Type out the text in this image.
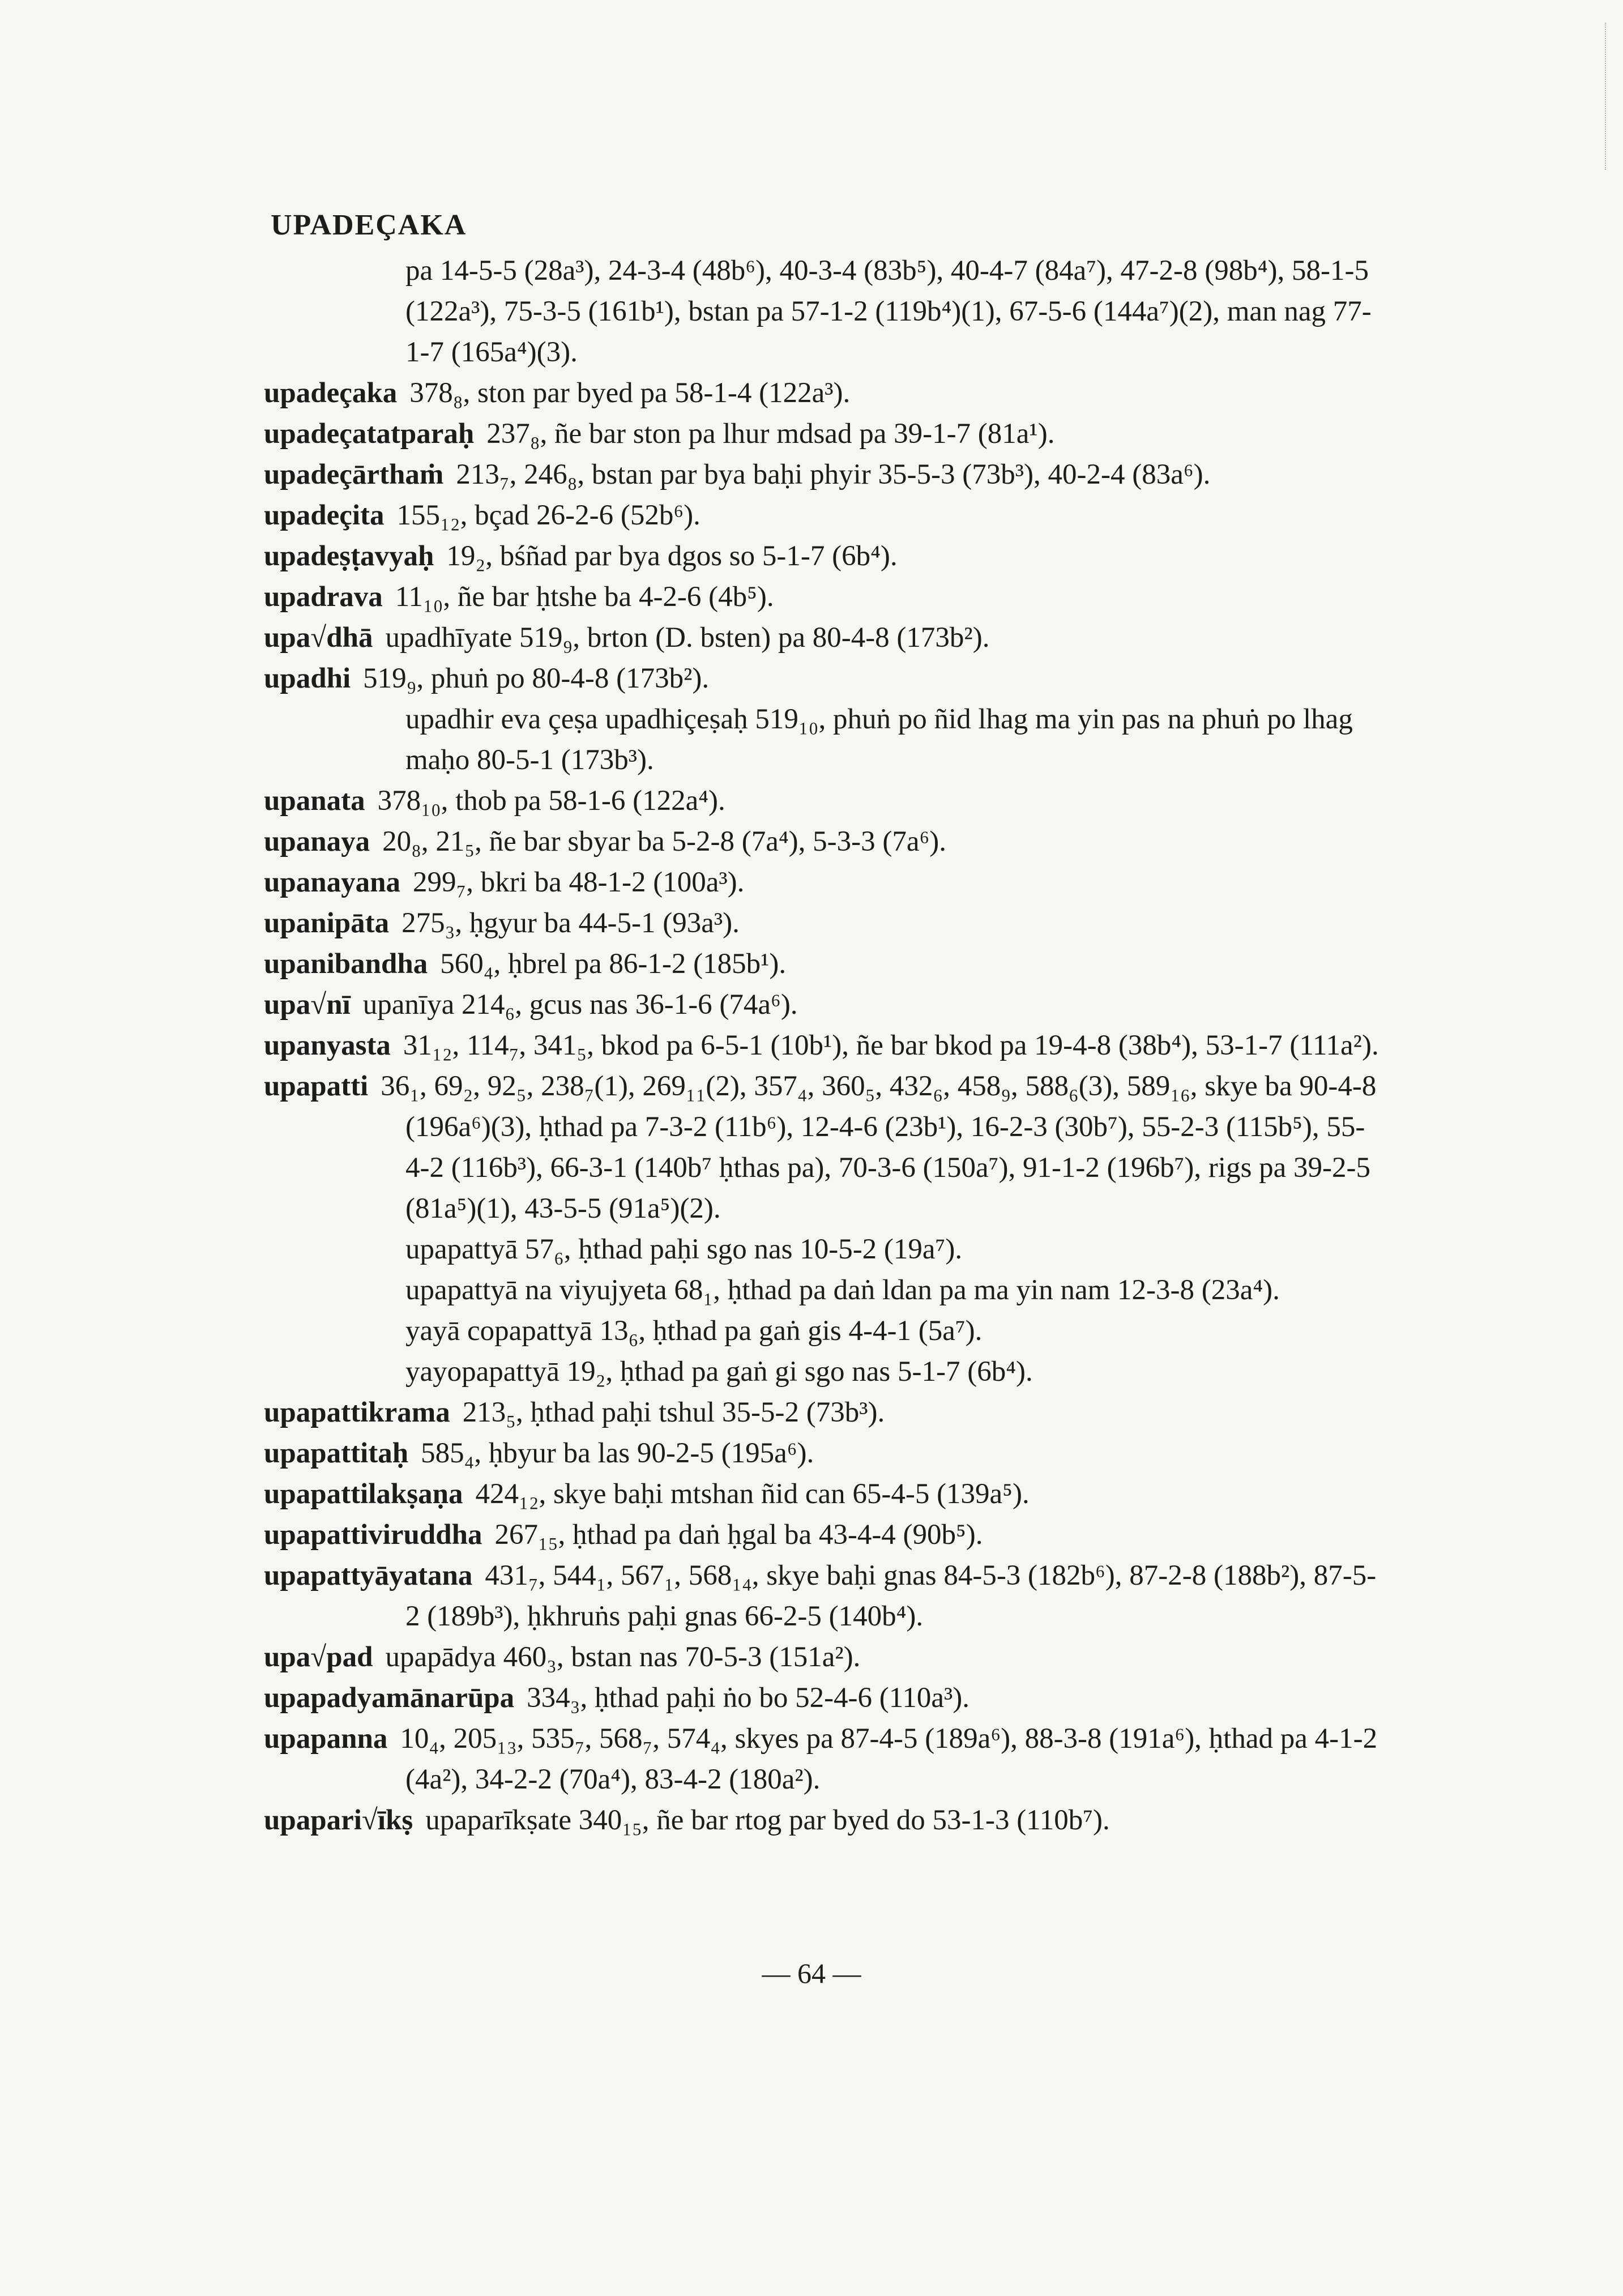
UPADEÇAKA
pa 14-5-5 (28a³), 24-3-4 (48b⁶), 40-3-4 (83b⁵), 40-4-7 (84a⁷), 47-2-8 (98b⁴), 58-1-5 (122a³), 75-3-5 (161b¹), bstan pa 57-1-2 (119b⁴)(1), 67-5-6 (144a⁷)(2), man nag 77-1-7 (165a⁴)(3).
upadeçaka 378₈, ston par byed pa 58-1-4 (122a³).
upadeçatatparaḥ 237₈, ñe bar ston pa lhur mdsad pa 39-1-7 (81a¹).
upadeçārthaṁ 213₇, 246₈, bstan par bya baḥi phyir 35-5-3 (73b³), 40-2-4 (83a⁶).
upadeçita 155₁₂, bçad 26-2-6 (52b⁶).
upadeṣṭavyaḥ 19₂, bśñad par bya dgos so 5-1-7 (6b⁴).
upadrava 11₁₀, ñe bar ḥtshe ba 4-2-6 (4b⁵).
upa√dhā upadhīyate 519₉, brton (D. bsten) pa 80-4-8 (173b²).
upadhi 519₉, phuṅ po 80-4-8 (173b²).
upadhir eva çeṣa upadhiçeṣaḥ 519₁₀, phuṅ po ñid lhag ma yin pas na phuṅ po lhag maḥo 80-5-1 (173b³).
upanata 378₁₀, thob pa 58-1-6 (122a⁴).
upanaya 20₈, 21₅, ñe bar sbyar ba 5-2-8 (7a⁴), 5-3-3 (7a⁶).
upanayana 299₇, bkri ba 48-1-2 (100a³).
upanipāta 275₃, ḥgyur ba 44-5-1 (93a³).
upanibandha 560₄, ḥbrel pa 86-1-2 (185b¹).
upa√nī upanīya 214₆, gcus nas 36-1-6 (74a⁶).
upanyasta 31₁₂, 114₇, 341₅, bkod pa 6-5-1 (10b¹), ñe bar bkod pa 19-4-8 (38b⁴), 53-1-7 (111a²).
upapatti 36₁, 69₂, 92₅, 238₇(1), 269₁₁(2), 357₄, 360₅, 432₆, 458₉, 588₆(3), 589₁₆, skye ba 90-4-8 (196a⁶)(3), ḥthad pa 7-3-2 (11b⁶), 12-4-6 (23b¹), 16-2-3 (30b⁷), 55-2-3 (115b⁵), 55-4-2 (116b³), 66-3-1 (140b⁷ ḥthas pa), 70-3-6 (150a⁷), 91-1-2 (196b⁷), rigs pa 39-2-5 (81a⁵)(1), 43-5-5 (91a⁵)(2).
upapattyā 57₆, ḥthad paḥi sgo nas 10-5-2 (19a⁷).
upapattyā na viyujyeta 68₁, ḥthad pa daṅ ldan pa ma yin nam 12-3-8 (23a⁴).
yayā copapattyā 13₆, ḥthad pa gaṅ gis 4-4-1 (5a⁷).
yayopapattyā 19₂, ḥthad pa gaṅ gi sgo nas 5-1-7 (6b⁴).
upapattikrama 213₅, ḥthad paḥi tshul 35-5-2 (73b³).
upapattitaḥ 585₄, ḥbyur ba las 90-2-5 (195a⁶).
upapattilakṣaṇa 424₁₂, skye baḥi mtshan ñid can 65-4-5 (139a⁵).
upapattiviruddha 267₁₅, ḥthad pa daṅ ḥgal ba 43-4-4 (90b⁵).
upapattyāyatana 431₇, 544₁, 567₁, 568₁₄, skye baḥi gnas 84-5-3 (182b⁶), 87-2-8 (188b²), 87-5-2 (189b³), ḥkhruṅs paḥi gnas 66-2-5 (140b⁴).
upa√pad upapādya 460₃, bstan nas 70-5-3 (151a²).
upapadyamānarūpa 334₃, ḥthad paḥi ṅo bo 52-4-6 (110a³).
upapanna 10₄, 205₁₃, 535₇, 568₇, 574₄, skyes pa 87-4-5 (189a⁶), 88-3-8 (191a⁶), ḥthad pa 4-1-2 (4a²), 34-2-2 (70a⁴), 83-4-2 (180a²).
upapari√īkṣ upaparīkṣate 340₁₅, ñe bar rtog par byed do 53-1-3 (110b⁷).
— 64 —
